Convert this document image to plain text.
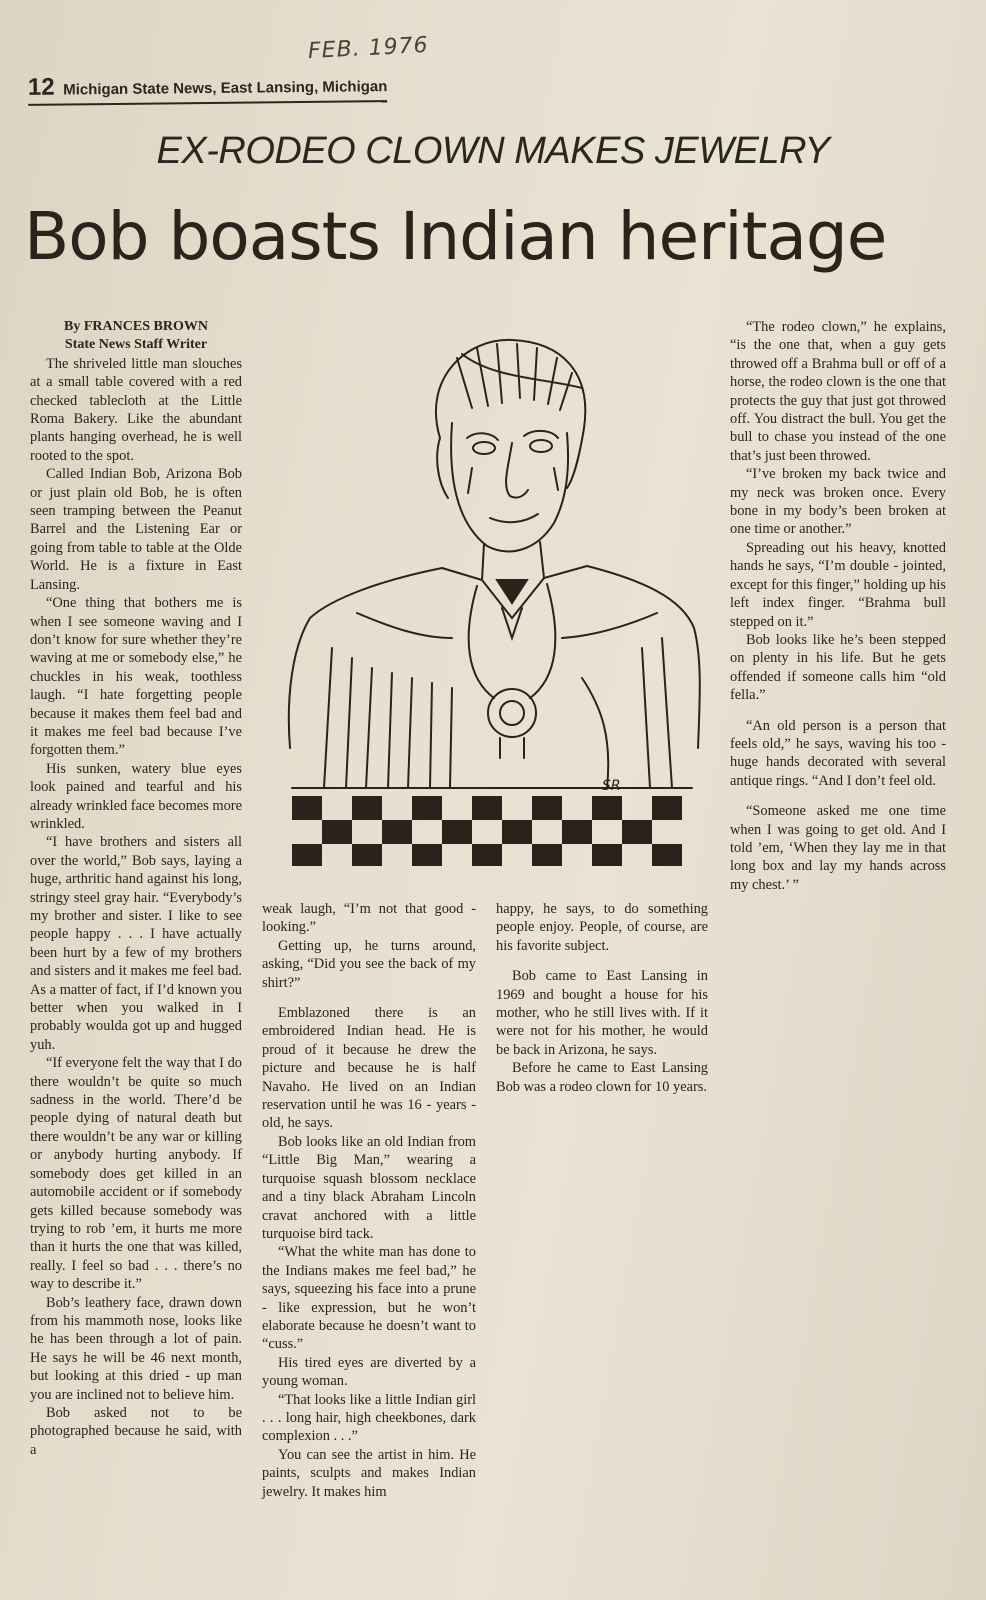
FEB. 1976
12 Michigan State News, East Lansing, Michigan
EX-RODEO CLOWN MAKES JEWELRY
Bob boasts Indian heritage

By FRANCES BROWN

State News Staff Writer

The shriveled little man slouches at a small table covered with a red checked tablecloth at the Little Roma Bakery. Like the abundant plants hanging overhead, he is well rooted to the spot.

Called Indian Bob, Arizona Bob or just plain old Bob, he is often seen tramping between the Peanut Barrel and the Listening Ear or going from table to table at the Olde World. He is a fixture in East Lansing.

“One thing that bothers me is when I see someone waving and I don’t know for sure whether they’re waving at me or somebody else,” he chuckles in his weak, toothless laugh. “I hate forgetting people because it makes them feel bad and it makes me feel bad because I’ve forgotten them.”

His sunken, watery blue eyes look pained and tearful and his already wrinkled face becomes more wrinkled.

“I have brothers and sisters all over the world,” Bob says, laying a huge, arthritic hand against his long, stringy steel gray hair. “Everybody’s my brother and sister. I like to see people happy . . . I have actually been hurt by a few of my brothers and sisters and it makes me feel bad. As a matter of fact, if I’d known you better when you walked in I probably woulda got up and hugged yuh.

“If everyone felt the way that I do there wouldn’t be quite so much sadness in the world. There’d be people dying of natural death but there wouldn’t be any war or killing or anybody hurting anybody. If somebody does get killed in an automobile accident or if somebody gets killed because somebody was trying to rob ’em, it hurts me more than it hurts the one that was killed, really. I feel so bad . . . there’s no way to describe it.”

Bob’s leathery face, drawn down from his mammoth nose, looks like he has been through a lot of pain. He says he will be 46 next month, but looking at this dried - up man you are inclined not to believe him.

Bob asked not to be photographed because he said, with a

SR

weak laugh, “I’m not that good - looking.”

Getting up, he turns around, asking, “Did you see the back of my shirt?”

Emblazoned there is an embroidered Indian head. He is proud of it because he drew the picture and because he is half Navaho. He lived on an Indian reservation until he was 16 - years - old, he says.

Bob looks like an old Indian from “Little Big Man,” wearing a turquoise squash blossom necklace and a tiny black Abraham Lincoln cravat anchored with a little turquoise bird tack.

“What the white man has done to the Indians makes me feel bad,” he says, squeezing his face into a prune - like expression, but he won’t elaborate because he doesn’t want to “cuss.”

His tired eyes are diverted by a young woman.

“That looks like a little Indian girl . . . long hair, high cheekbones, dark complexion . . .”

You can see the artist in him. He paints, sculpts and makes Indian jewelry. It makes him

happy, he says, to do something people enjoy. People, of course, are his favorite subject.

Bob came to East Lansing in 1969 and bought a house for his mother, who he still lives with. If it were not for his mother, he would be back in Arizona, he says.

Before he came to East Lansing Bob was a rodeo clown for 10 years.

“The rodeo clown,” he explains, “is the one that, when a guy gets throwed off a Brahma bull or off of a horse, the rodeo clown is the one that protects the guy that just got throwed off. You distract the bull. You get the bull to chase you instead of the one that’s just been throwed.

“I’ve broken my back twice and my neck was broken once. Every bone in my body’s been broken at one time or another.”

Spreading out his heavy, knotted hands he says, “I’m double - jointed, except for this finger,” holding up his left index finger. “Brahma bull stepped on it.”

Bob looks like he’s been stepped on plenty in his life. But he gets offended if someone calls him “old fella.”

“An old person is a person that feels old,” he says, waving his too - huge hands decorated with several antique rings. “And I don’t feel old.

“Someone asked me one time when I was going to get old. And I told ’em, ‘When they lay me in that long box and lay my hands across my chest.’ ”
